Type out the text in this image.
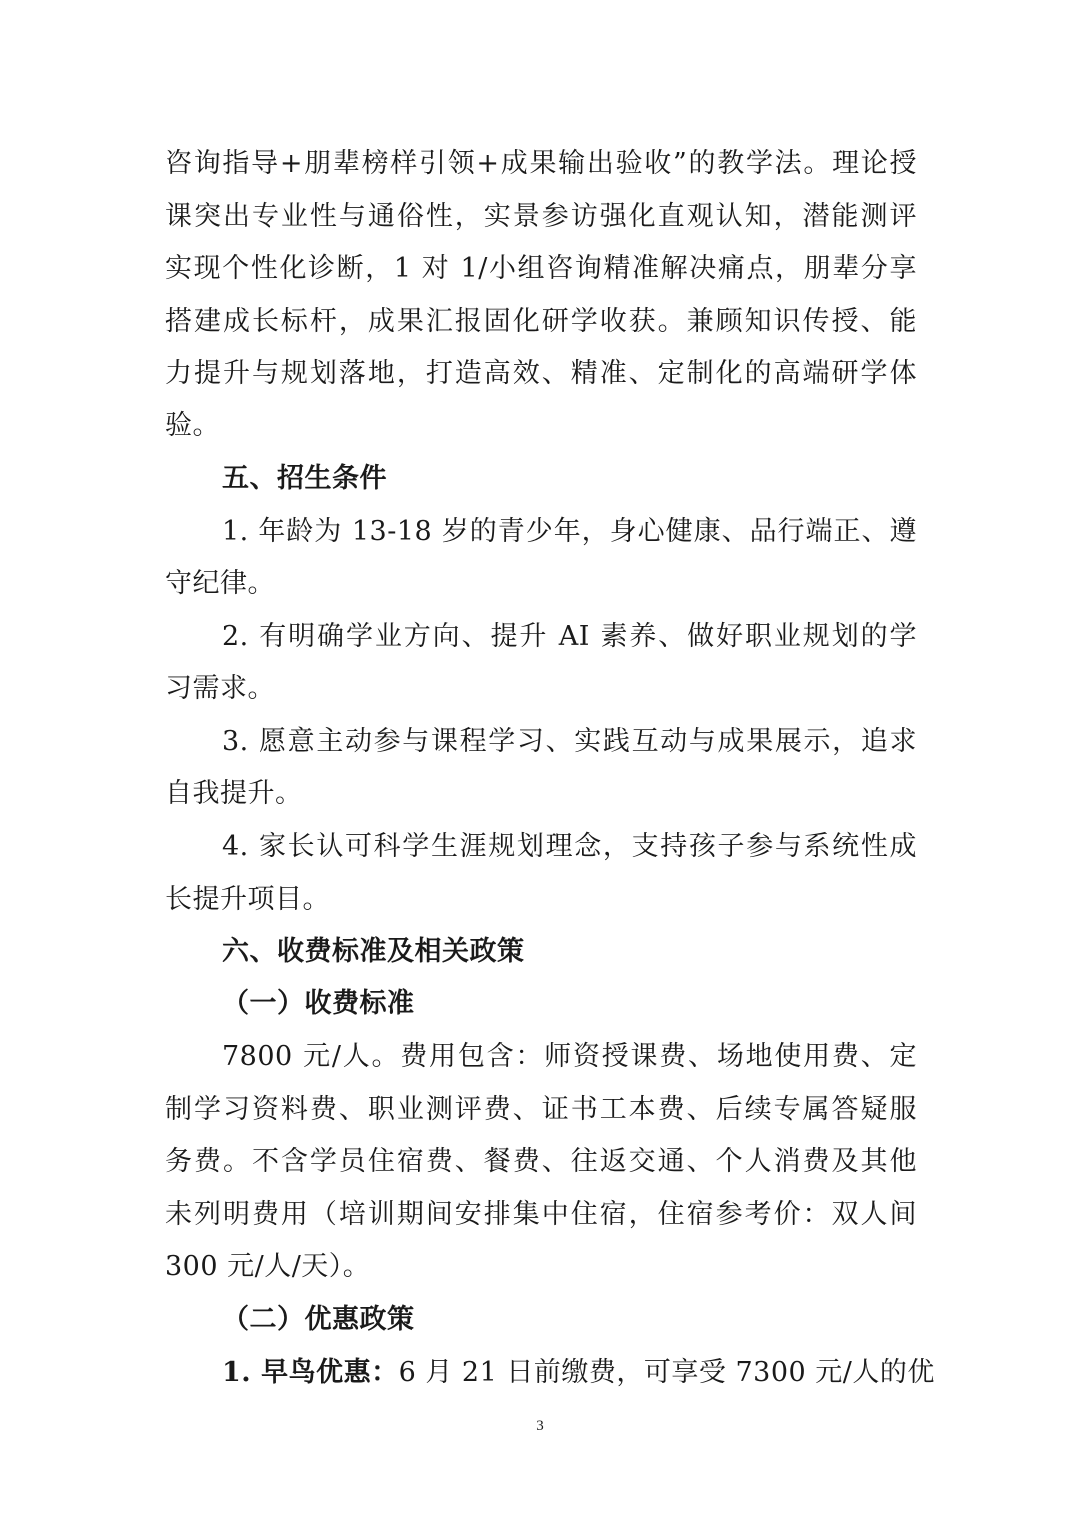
咨询指导+朋辈榜样引领+成果输出验收”的教学法。理论授
课突出专业性与通俗性，实景参访强化直观认知，潜能测评
实现个性化诊断，1 对 1/小组咨询精准解决痛点，朋辈分享
搭建成长标杆，成果汇报固化研学收获。兼顾知识传授、能
力提升与规划落地，打造高效、精准、定制化的高端研学体
验。
五、招生条件
1. 年龄为 13-18 岁的青少年，身心健康、品行端正、遵
守纪律。
2. 有明确学业方向、提升 AI 素养、做好职业规划的学
习需求。
3. 愿意主动参与课程学习、实践互动与成果展示，追求
自我提升。
4. 家长认可科学生涯规划理念，支持孩子参与系统性成
长提升项目。
六、收费标准及相关政策
（一）收费标准
7800 元/人。费用包含：师资授课费、场地使用费、定
制学习资料费、职业测评费、证书工本费、后续专属答疑服
务费。不含学员住宿费、餐费、往返交通、个人消费及其他
未列明费用（培训期间安排集中住宿，住宿参考价：双人间
300 元/人/天）。
（二）优惠政策
1. 早鸟优惠：6 月 21 日前缴费，可享受 7300 元/人的优
3
